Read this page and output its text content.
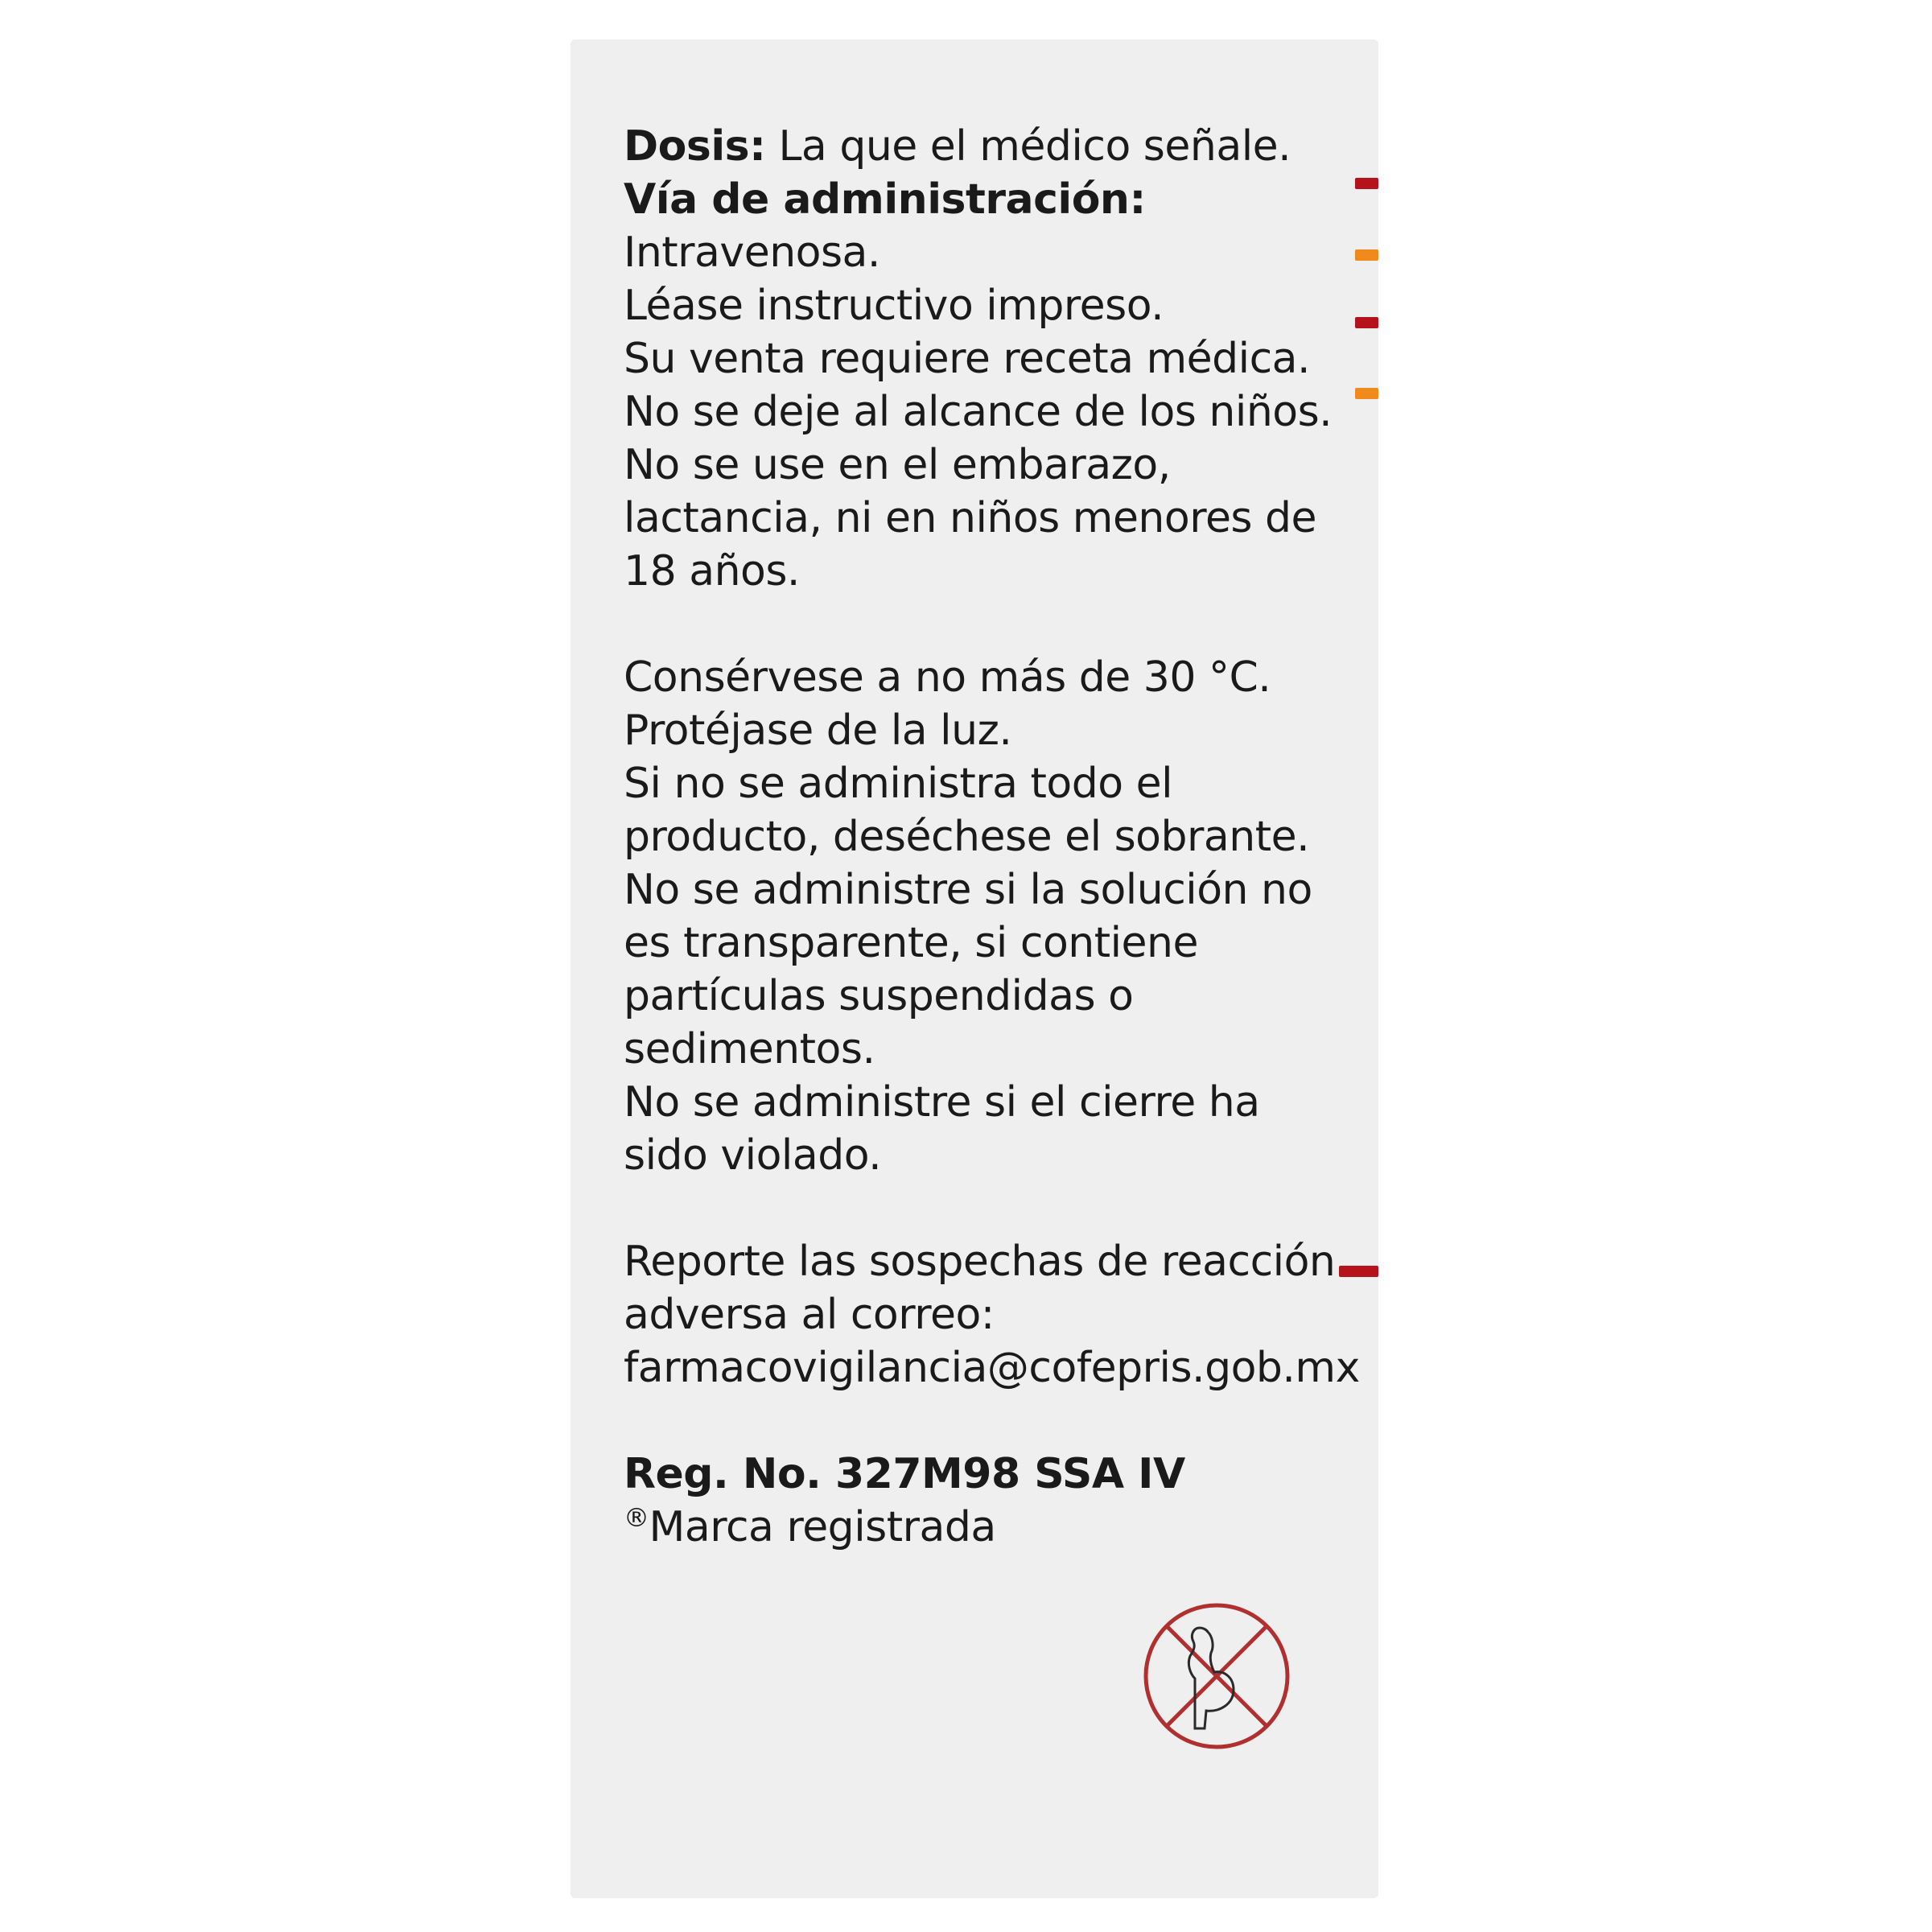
Dosis: La que el médico señale.
Vía de administración:
Intravenosa.
Léase instructivo impreso.
Su venta requiere receta médica.
No se deje al alcance de los niños.
No se use en el embarazo,
lactancia, ni en niños menores de
18 años.
Consérvese a no más de 30 °C.
Protéjase de la luz.
Si no se administra todo el
producto, deséchese el sobrante.
No se administre si la solución no
es transparente, si contiene
partículas suspendidas o
sedimentos.
No se administre si el cierre ha
sido violado.
Reporte las sospechas de reacción
adversa al correo:
farmacovigilancia@cofepris.gob.mx
Reg. No. 327M98 SSA IV
®Marca registrada
